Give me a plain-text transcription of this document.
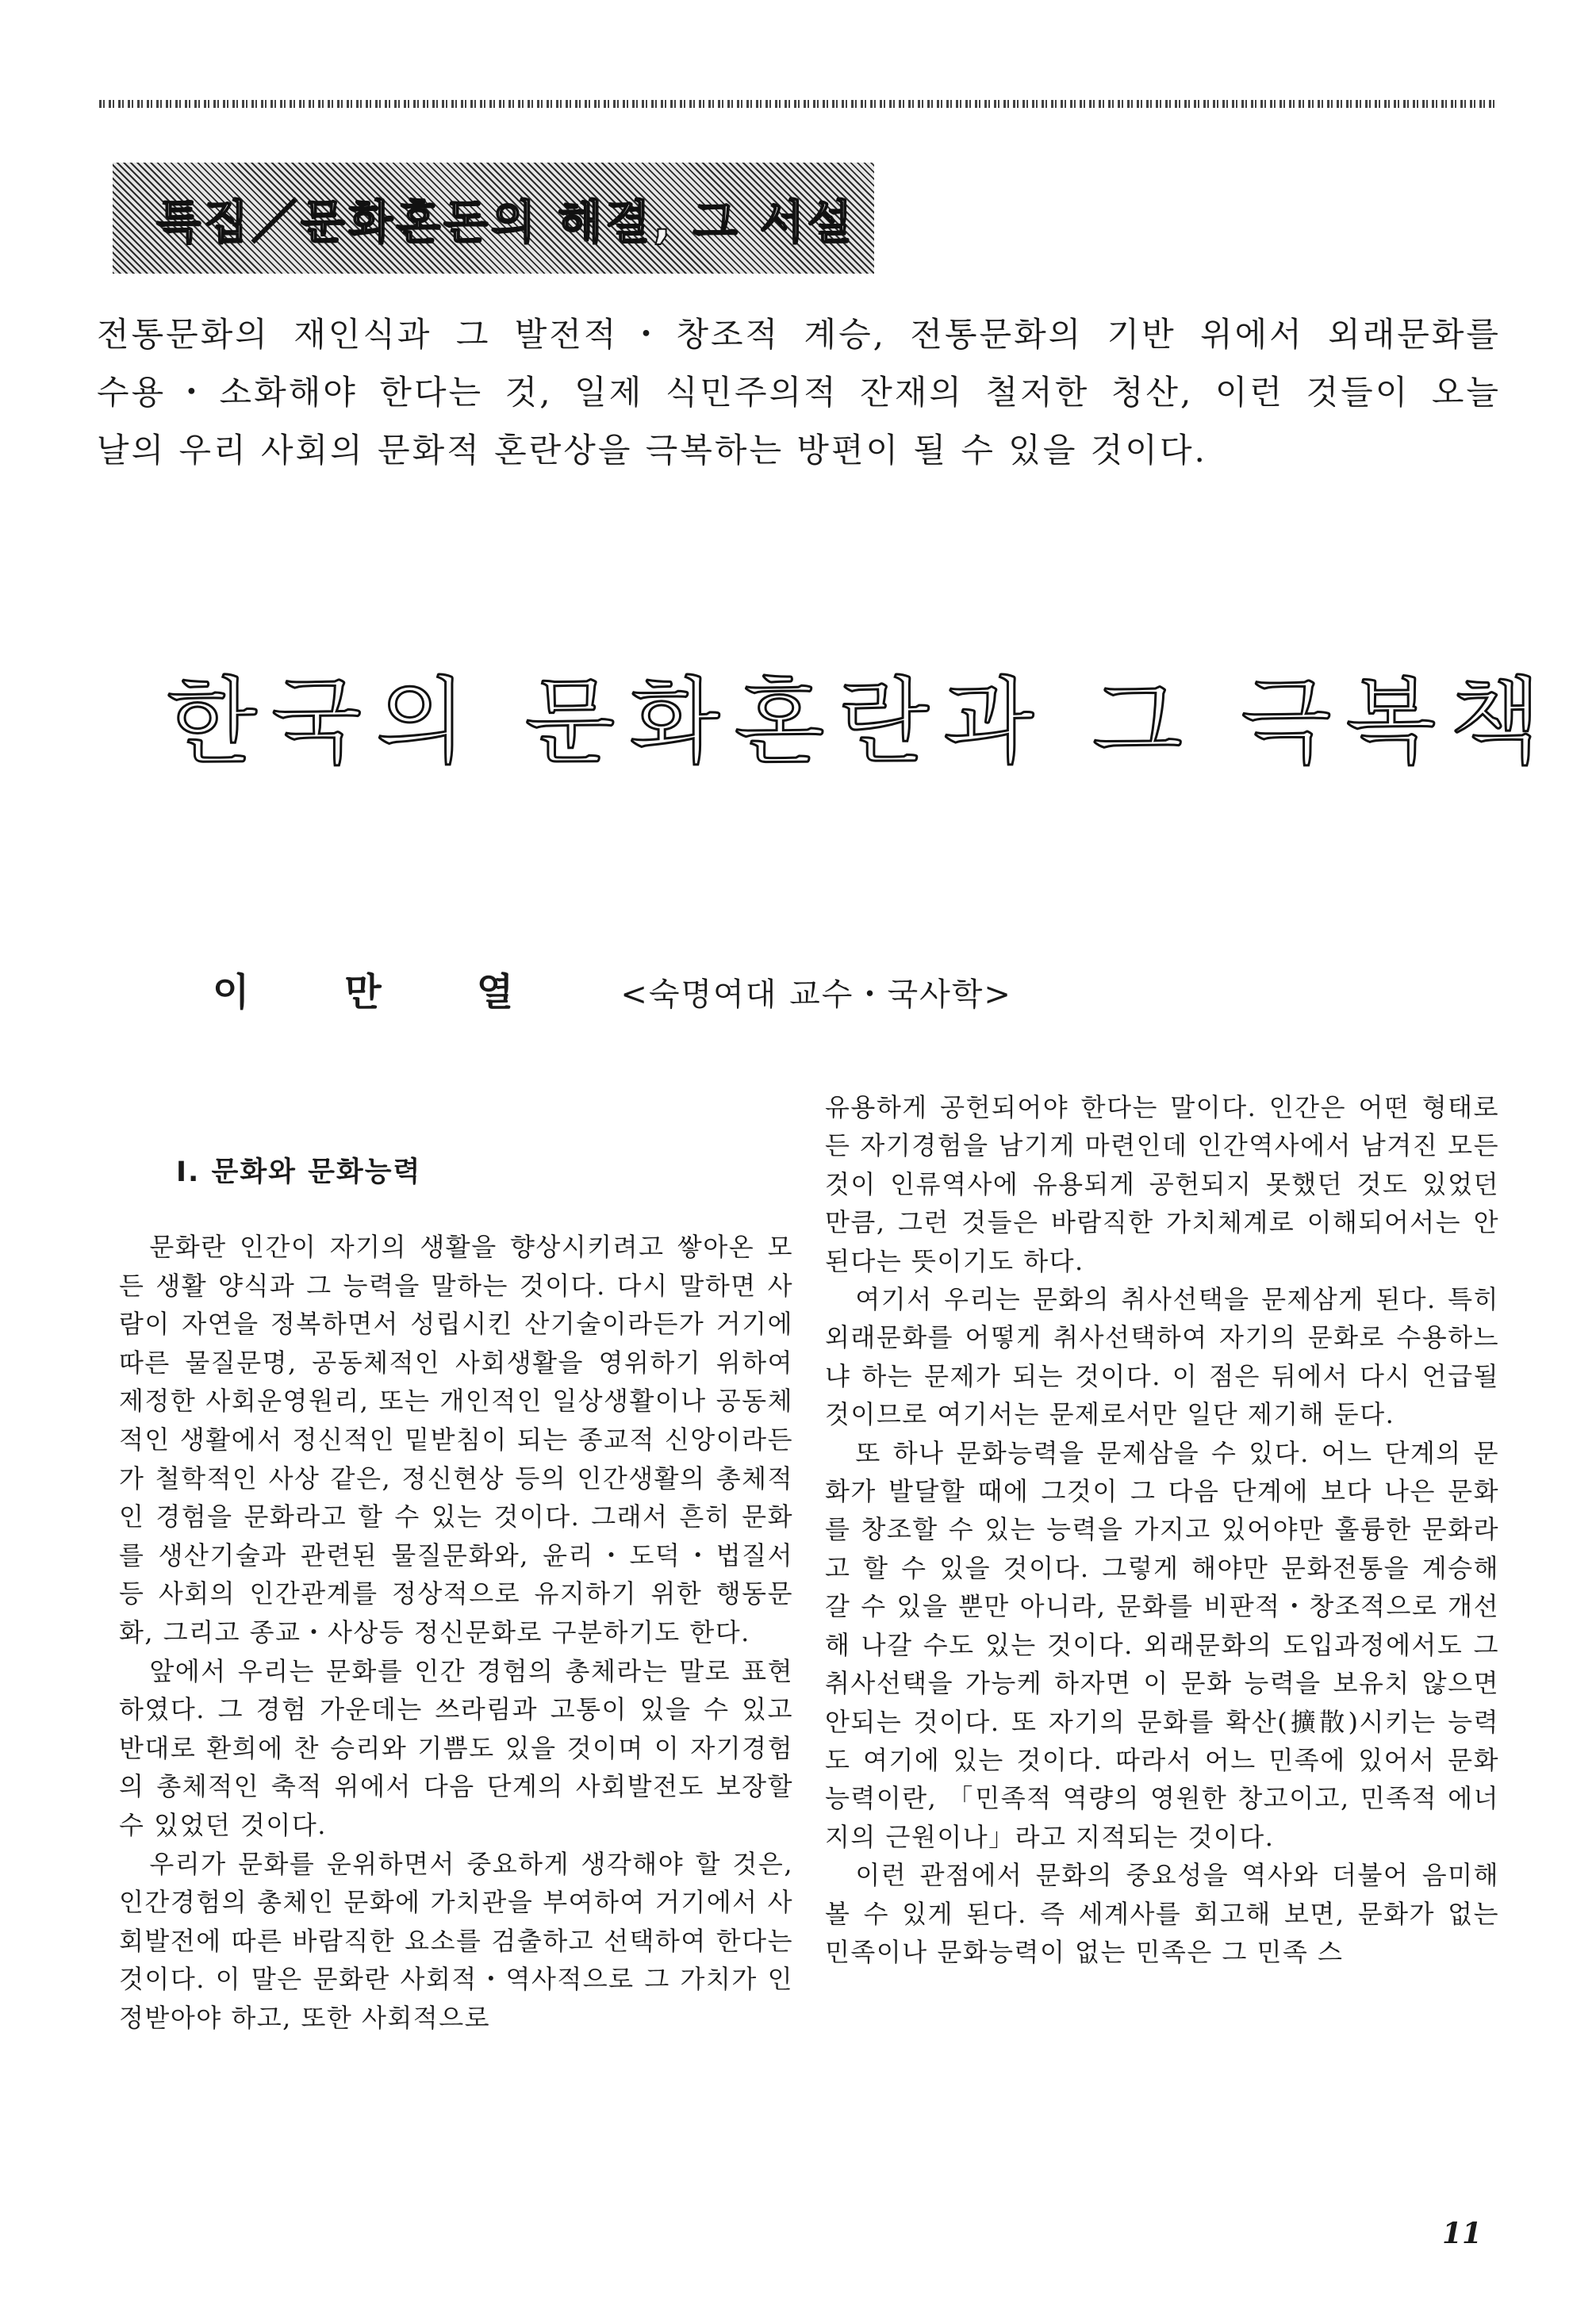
특집／문화혼돈의 해결, 그 서설

전통문화의 재인식과 그 발전적・창조적 계승, 전통문화의 기반 위에서 외래문화를

수용・소화해야 한다는 것, 일제 식민주의적 잔재의 철저한 청산, 이런 것들이 오늘

날의 우리 사회의 문화적 혼란상을 극복하는 방편이 될 수 있을 것이다.

한국의 문화혼란과 그 극복책
이만열 <숙명여대 교수・국사학>
Ⅰ. 문화와 문화능력

문화란 인간이 자기의 생활을 향상시키려고 쌓아온 모든 생활 양식과 그 능력을 말하는 것이다. 다시 말하면 사람이 자연을 정복하면서 성립시킨 산기술이라든가 거기에 따른 물질문명, 공동체적인 사회생활을 영위하기 위하여 제정한 사회운영원리, 또는 개인적인 일상생활이나 공동체적인 생활에서 정신적인 밑받침이 되는 종교적 신앙이라든가 철학적인 사상 같은, 정신현상 등의 인간생활의 총체적인 경험을 문화라고 할 수 있는 것이다. 그래서 흔히 문화를 생산기술과 관련된 물질문화와, 윤리・도덕・법질서 등 사회의 인간관계를 정상적으로 유지하기 위한 행동문화, 그리고 종교・사상등 정신문화로 구분하기도 한다.

앞에서 우리는 문화를 인간 경험의 총체라는 말로 표현하였다. 그 경험 가운데는 쓰라림과 고통이 있을 수 있고 반대로 환희에 찬 승리와 기쁨도 있을 것이며 이 자기경험의 총체적인 축적 위에서 다음 단계의 사회발전도 보장할 수 있었던 것이다.

우리가 문화를 운위하면서 중요하게 생각해야 할 것은, 인간경험의 총체인 문화에 가치관을 부여하여 거기에서 사회발전에 따른 바람직한 요소를 검출하고 선택하여 한다는 것이다. 이 말은 문화란 사회적・역사적으로 그 가치가 인정받아야 하고, 또한 사회적으로

유용하게 공헌되어야 한다는 말이다. 인간은 어떤 형태로든 자기경험을 남기게 마련인데 인간역사에서 남겨진 모든 것이 인류역사에 유용되게 공헌되지 못했던 것도 있었던 만큼, 그런 것들은 바람직한 가치체계로 이해되어서는 안된다는 뜻이기도 하다.

여기서 우리는 문화의 취사선택을 문제삼게 된다. 특히 외래문화를 어떻게 취사선택하여 자기의 문화로 수용하느냐 하는 문제가 되는 것이다. 이 점은 뒤에서 다시 언급될 것이므로 여기서는 문제로서만 일단 제기해 둔다.

또 하나 문화능력을 문제삼을 수 있다. 어느 단계의 문화가 발달할 때에 그것이 그 다음 단계에 보다 나은 문화를 창조할 수 있는 능력을 가지고 있어야만 훌륭한 문화라고 할 수 있을 것이다. 그렇게 해야만 문화전통을 계승해 갈 수 있을 뿐만 아니라, 문화를 비판적・창조적으로 개선해 나갈 수도 있는 것이다. 외래문화의 도입과정에서도 그 취사선택을 가능케 하자면 이 문화 능력을 보유치 않으면 안되는 것이다. 또 자기의 문화를 확산(擴散)시키는 능력도 여기에 있는 것이다. 따라서 어느 민족에 있어서 문화능력이란, 「민족적 역량의 영원한 창고이고, 민족적 에너지의 근원이나」라고 지적되는 것이다.

이런 관점에서 문화의 중요성을 역사와 더불어 음미해 볼 수 있게 된다. 즉 세계사를 회고해 보면, 문화가 없는 민족이나 문화능력이 없는 민족은 그 민족 스

11
